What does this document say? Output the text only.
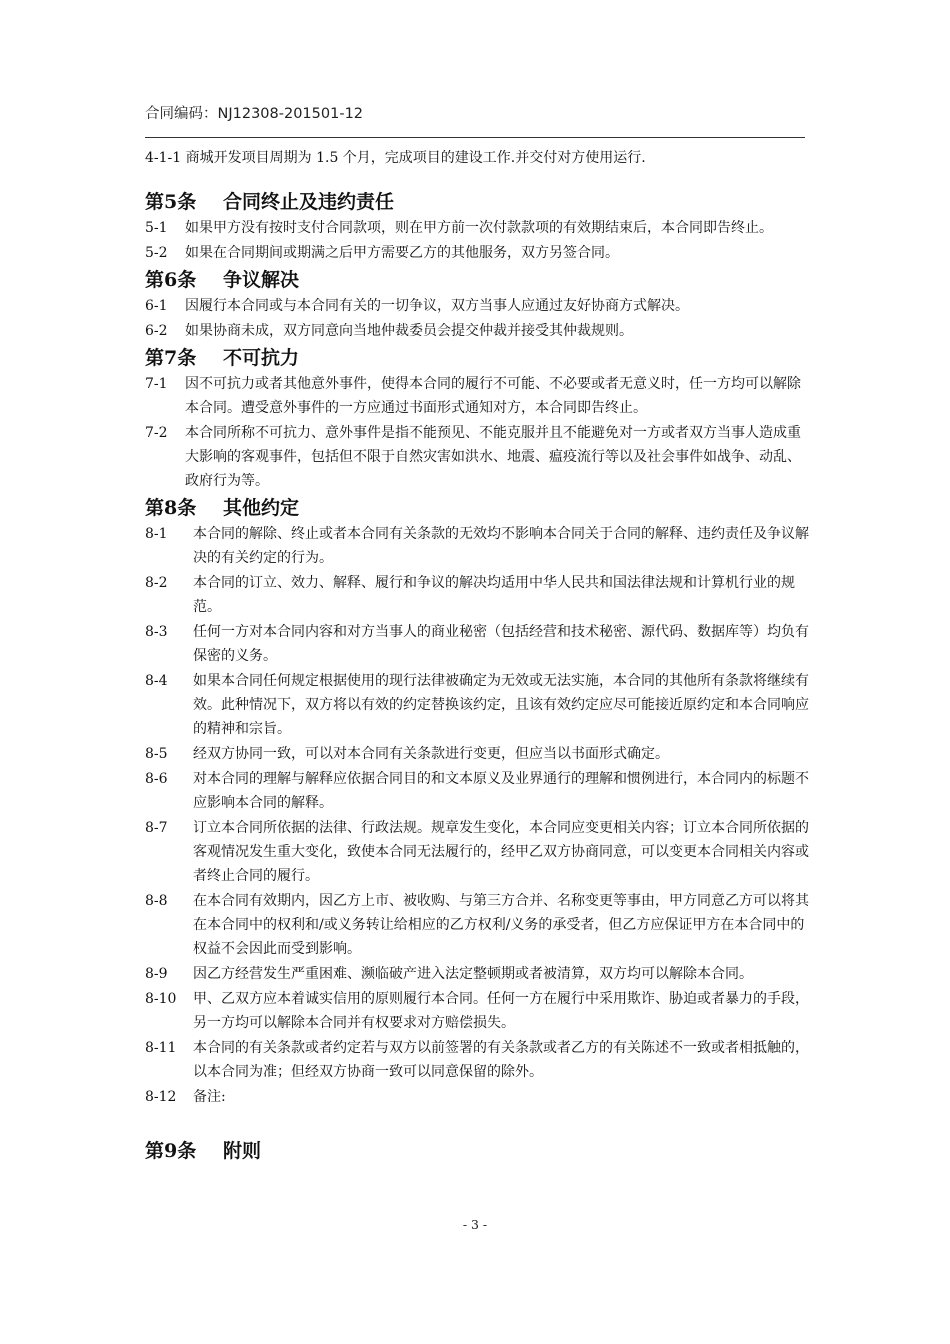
合同编码：NJ12308-201501-12

4-1-1 商城开发项目周期为 1.5 个月，完成项目的建设工作.并交付对方使用运行.

第5条 合同终止及违约责任
5-1	如果甲方没有按时支付合同款项，则在甲方前一次付款款项的有效期结束后，本合同即告终止。
5-2	如果在合同期间或期满之后甲方需要乙方的其他服务，双方另签合同。
第6条 争议解决
6-1	因履行本合同或与本合同有关的一切争议，双方当事人应通过友好协商方式解决。
6-2	如果协商未成，双方同意向当地仲裁委员会提交仲裁并接受其仲裁规则。
第7条 不可抗力
7-1	因不可抗力或者其他意外事件，使得本合同的履行不可能、不必要或者无意义时，任一方均可以解除本合同。遭受意外事件的一方应通过书面形式通知对方，本合同即告终止。
7-2	本合同所称不可抗力、意外事件是指不能预见、不能克服并且不能避免对一方或者双方当事人造成重大影响的客观事件，包括但不限于自然灾害如洪水、地震、瘟疫流行等以及社会事件如战争、动乱、政府行为等。
第8条 其他约定
8-1	本合同的解除、终止或者本合同有关条款的无效均不影响本合同关于合同的解释、违约责任及争议解决的有关约定的行为。
8-2	本合同的订立、效力、解释、履行和争议的解决均适用中华人民共和国法律法规和计算机行业的规范。
8-3	任何一方对本合同内容和对方当事人的商业秘密（包括经营和技术秘密、源代码、数据库等）均负有保密的义务。
8-4	如果本合同任何规定根据使用的现行法律被确定为无效或无法实施，本合同的其他所有条款将继续有效。此种情况下，双方将以有效的约定替换该约定，且该有效约定应尽可能接近原约定和本合同响应的精神和宗旨。
8-5	经双方协同一致，可以对本合同有关条款进行变更，但应当以书面形式确定。
8-6	对本合同的理解与解释应依据合同目的和文本原义及业界通行的理解和惯例进行，本合同内的标题不应影响本合同的解释。
8-7	订立本合同所依据的法律、行政法规。规章发生变化，本合同应变更相关内容；订立本合同所依据的客观情况发生重大变化，致使本合同无法履行的，经甲乙双方协商同意，可以变更本合同相关内容或者终止合同的履行。
8-8	在本合同有效期内，因乙方上市、被收购、与第三方合并、名称变更等事由，甲方同意乙方可以将其在本合同中的权利和/或义务转让给相应的乙方权利/义务的承受者，但乙方应保证甲方在本合同中的权益不会因此而受到影响。
8-9	因乙方经营发生严重困难、濒临破产进入法定整顿期或者被清算，双方均可以解除本合同。
8-10	甲、乙双方应本着诚实信用的原则履行本合同。任何一方在履行中采用欺诈、胁迫或者暴力的手段，另一方均可以解除本合同并有权要求对方赔偿损失。
8-11	本合同的有关条款或者约定若与双方以前签署的有关条款或者乙方的有关陈述不一致或者相抵触的，以本合同为准；但经双方协商一致可以同意保留的除外。
8-12	备注:
第9条 附则
- 3 -
